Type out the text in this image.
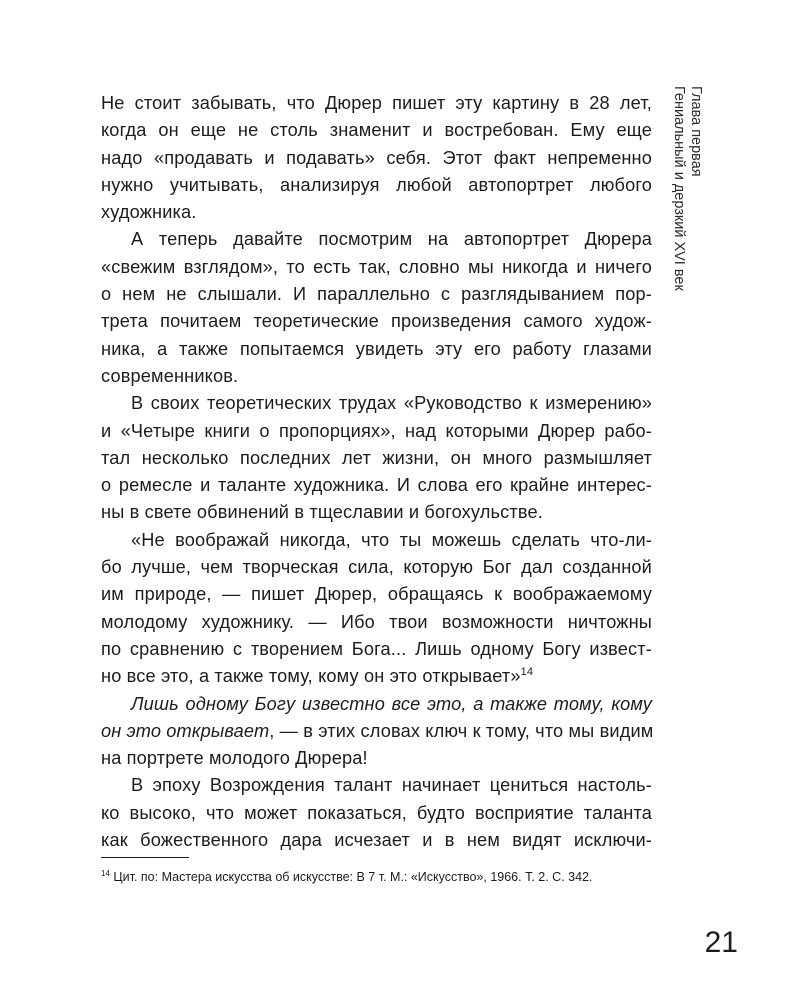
Глава первая
Гениальный и дерзкий XVI век
Не стоит забывать, что Дюрер пишет эту картину в 28 лет,
когда он еще не столь знаменит и востребован. Ему еще
надо «продавать и подавать» себя. Этот факт непременно
нужно учитывать, анализируя любой автопортрет любого
художника.
А теперь давайте посмотрим на автопортрет Дюрера
«свежим взглядом», то есть так, словно мы никогда и ничего
о нем не слышали. И параллельно с разглядыванием пор-
трета почитаем теоретические произведения самого худож-
ника, а также попытаемся увидеть эту его работу глазами
современников.
В своих теоретических трудах «Руководство к измерению»
и «Четыре книги о пропорциях», над которыми Дюрер рабо-
тал несколько последних лет жизни, он много размышляет
о ремесле и таланте художника. И слова его крайне интерес-
ны в свете обвинений в тщеславии и богохульстве.
«Не воображай никогда, что ты можешь сделать что-ли-
бо лучше, чем творческая сила, которую Бог дал созданной
им природе, — пишет Дюрер, обращаясь к воображаемому
молодому художнику. — Ибо твои возможности ничтожны
по сравнению с творением Бога... Лишь одному Богу извест-
но все это, а также тому, кому он это открывает»$^{14}$
Лишь одному Богу известно все это, а также тому, кому
он это открывает, — в этих словах ключ к тому, что мы видим
на портрете молодого Дюрера!
В эпоху Возрождения талант начинает цениться настоль-
ко высоко, что может показаться, будто восприятие таланта
как божественного дара исчезает и в нем видят исключи-
$^{14}$ Цит. по: Мастера искусства об искусстве: В 7 т. М.: «Искусство», 1966. Т. 2. С. 342.
21
